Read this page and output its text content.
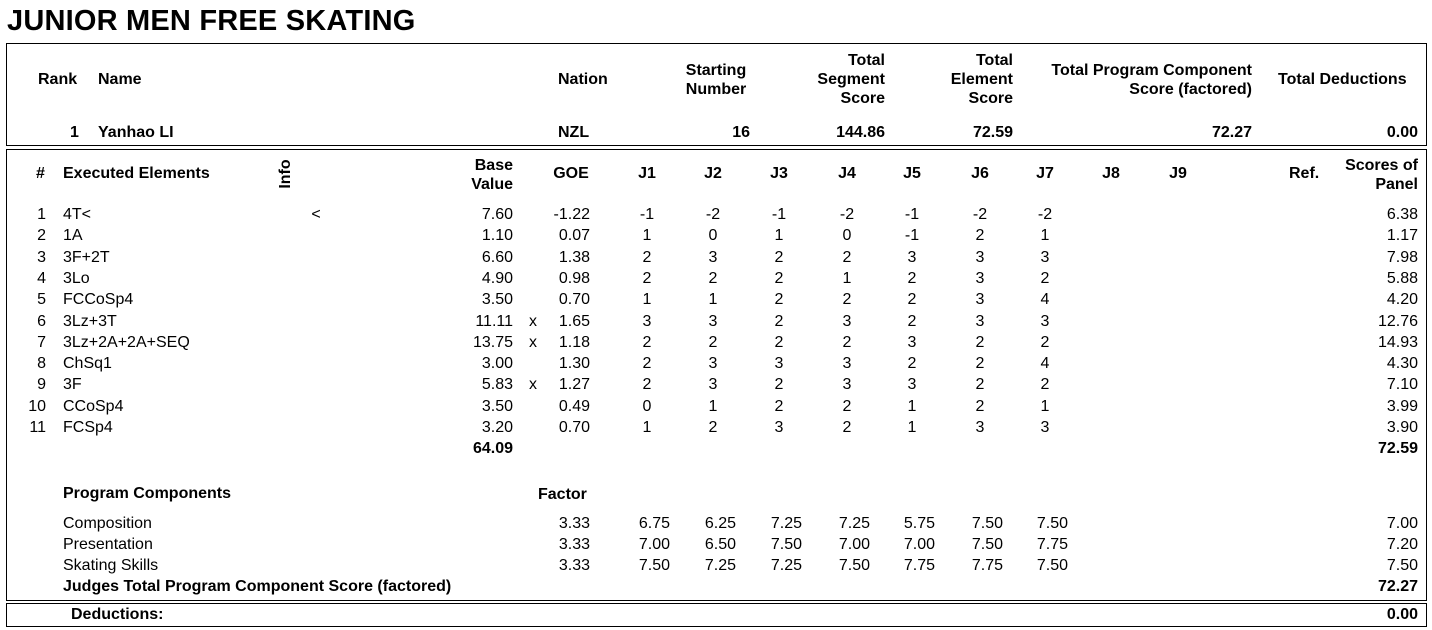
JUNIOR MEN FREE SKATING
Rank Name	Nation
Starting
Number
Total
Segment
Score
Total
Element
Score
Total Program Component
Score (factored)
Total Deductions
1 Yanhao LI	NZL	16	144.86	72.59	72.27	0.00
# Executed Elements	Info	Base
Value
GOE	J1	J2	J3	J4	J5	J6	J7	J8	J9	Ref.	Scores of
Panel
1 4T<	<	7.60	-1.22	-1	-2	-1	-2	-1	-2	-2	6.38
2 1A	1.10	0.07	1	0	1	0	-1	2	1	1.17
3 3F+2T	6.60	1.38	2	3	2	2	3	3	3	7.98
4 3Lo	4.90	0.98	2	2	2	1	2	3	2	5.88
5 FCCoSp4	3.50	0.70	1	1	2	2	2	3	4	4.20
6 3Lz+3T	11.11 x	1.65	3	3	2	3	2	3	3	12.76
7 3Lz+2A+2A+SEQ	13.75 x	1.18	2	2	2	2	3	2	2	14.93
8 ChSq1	3.00	1.30	2	3	3	3	2	2	4	4.30
9 3F	5.83 x	1.27	2	3	2	3	3	2	2	7.10
10 CCoSp4	3.50	0.49	0	1	2	2	1	2	1	3.99
11 FCSp4	3.20	0.70	1	2	3	2	1	3	3	3.90
64.09	72.59
Program Components	Factor
Composition	3.33	6.75	6.25	7.25	7.25	5.75	7.50	7.50	7.00
Presentation	3.33	7.00	6.50	7.50	7.00	7.00	7.50	7.75	7.20
Skating Skills	3.33	7.50	7.25	7.25	7.50	7.75	7.75	7.50	7.50
Judges Total Program Component Score (factored)	72.27
Deductions:	0.00
